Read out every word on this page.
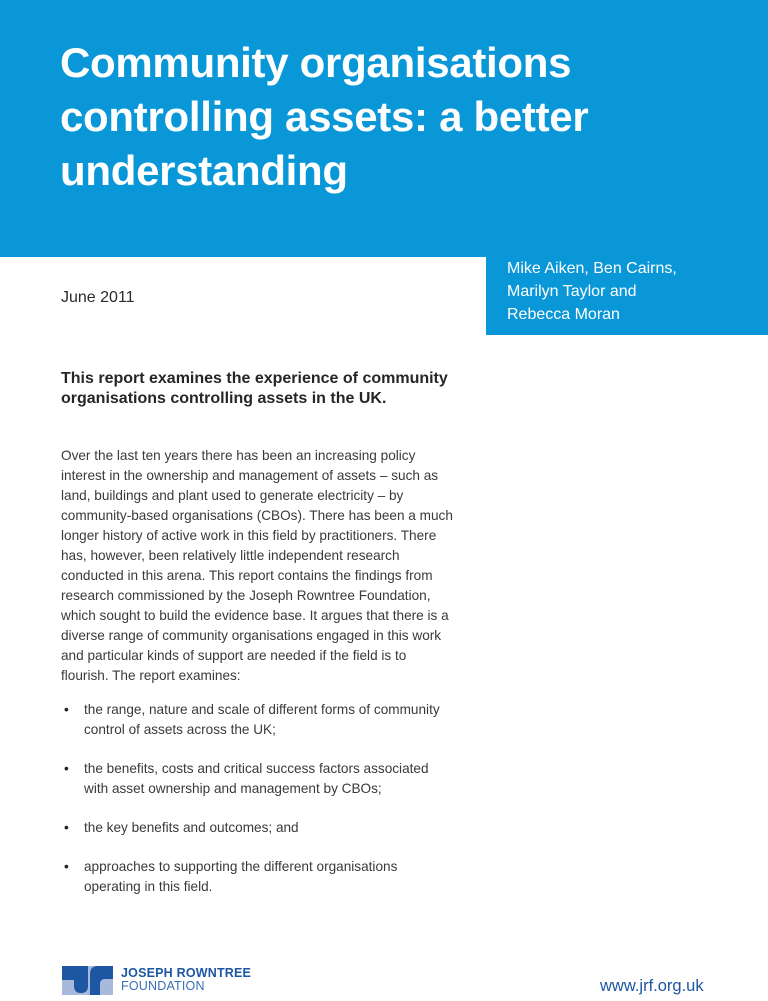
Community organisations
controlling assets: a better
understanding

Mike Aiken, Ben Cairns,
Marilyn Taylor and
Rebecca Moran

June 2011

This report examines the experience of community
organisations controlling assets in the UK.

Over the last ten years there has been an increasing policy
interest in the ownership and management of assets – such as
land, buildings and plant used to generate electricity – by
community-based organisations (CBOs). There has been a much
longer history of active work in this field by practitioners. There
has, however, been relatively little independent research
conducted in this arena. This report contains the findings from
research commissioned by the Joseph Rowntree Foundation,
which sought to build the evidence base. It argues that there is a
diverse range of community organisations engaged in this work
and particular kinds of support are needed if the field is to
flourish. The report examines:

• the range, nature and scale of different forms of community
control of assets across the UK;
• the benefits, costs and critical success factors associated
with asset ownership and management by CBOs;
• the key benefits and outcomes; and
• approaches to supporting the different organisations
operating in this field.
JOSEPH ROWNTREE
FOUNDATION	www.jrf.org.uk
